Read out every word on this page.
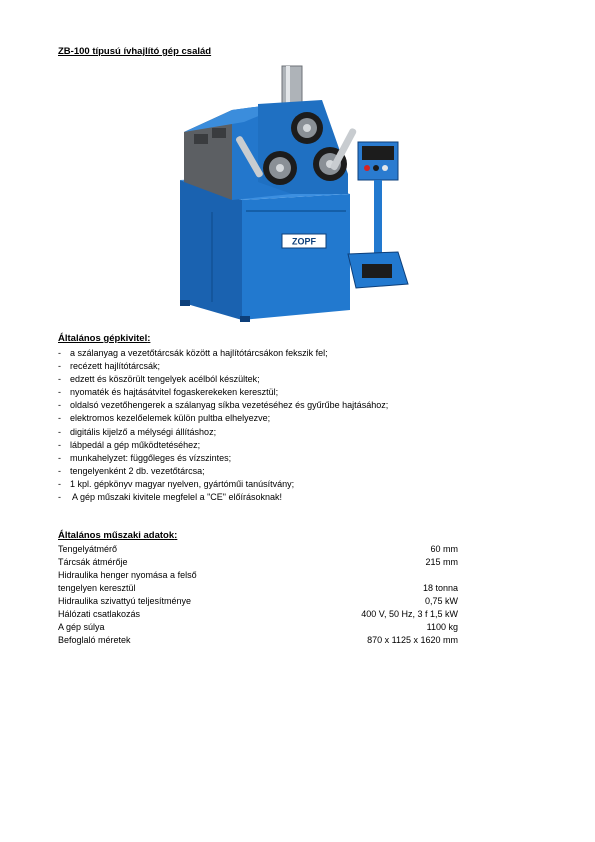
ZB-100 típusú ívhajlító gép család
ZOPF
Általános gépkivitel:
- a szálanyag a vezetőtárcsák között a hajlítótárcsákon fekszik fel;
- recézett hajlítótárcsák;
- edzett és köszörült tengelyek acélból készültek;
- nyomaték és hajtásátvitel fogaskerekeken keresztül;
- oldalsó vezetőhengerek a szálanyag síkba vezetéséhez és gyűrűbe hajtásához;
- elektromos kezelőelemek külön pultba elhelyezve;
- digitális kijelző a mélységi állításhoz;
- lábpedál a gép működtetéséhez;
- munkahelyzet: függőleges és vízszintes;
- tengelyenként 2 db. vezetőtárcsa;
- 1 kpl. gépkönyv magyar nyelven, gyártóműi tanúsítvány;
- A gép műszaki kivitele megfelel a "CE" előírásoknak!
Általános műszaki adatok:
Tengelyátmérő	60 mm
Tárcsák átmérője	215 mm
Hidraulika henger nyomása a felső
tengelyen keresztül	18 tonna
Hidraulika szivattyú teljesítménye	0,75 kW
Hálózati csatlakozás	400 V, 50 Hz, 3 f 1,5 kW
A gép súlya	1100 kg
Befoglaló méretek	870 x 1125 x 1620 mm
